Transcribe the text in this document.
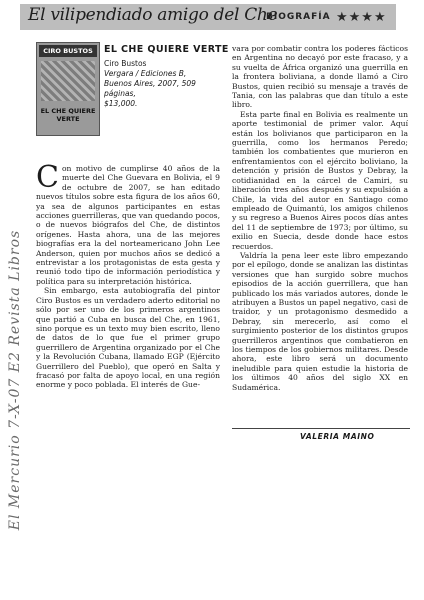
El vilipendiado amigo del Che
BIOGRAFÍA ★★★★
CIRO BUSTOS
EL CHE QUIERE VERTE
EL CHE QUIERE VERTE
Ciro Bustos
Vergara / Ediciones B,
Buenos Aires, 2007, 509 páginas,
$13,000.

Con motivo de cumplirse 40 años de la muerte del Che Guevara en Bolivia, el 9 de octubre de 2007, se han editado nuevos títulos sobre esta figura de los años 60, ya sea de algunos participantes en estas acciones guerrilleras, que van quedando pocos, o de nuevos biógrafos del Che, de distintos orígenes. Hasta ahora, una de las mejores biografías era la del norteamericano John Lee Anderson, quien por muchos años se dedicó a entrevistar a los protagonistas de esta gesta y reunió todo tipo de información periodística y política para su interpretación histórica.

Sin embargo, esta autobiografía del pintor Ciro Bustos es un verdadero aderto editorial no sólo por ser uno de los primeros argentinos que partió a Cuba en busca del Che, en 1961, sino porque es un texto muy bien escrito, lleno de datos de lo que fue el primer grupo guerrillero de Argentina organizado por el Che y la Revolución Cubana, llamado EGP (Ejército Guerrillero del Pueblo), que operó en Salta y fracasó por falta de apoyo local, en una región enorme y poco poblada. El interés de Gue-

vara por combatir contra los poderes fácticos en Argentina no decayó por este fracaso, y a su vuelta de África organizó una guerrilla en la frontera boliviana, a donde llamó a Ciro Bustos, quien recibió su mensaje a través de Tania, con las palabras que dan título a este libro.

Esta parte final en Bolivia es realmente un aporte testimonial de primer valor. Aquí están los bolivianos que participaron en la guerrilla, como los hermanos Peredo; también los combatientes que murieron en enfrentamientos con el ejército boliviano, la detención y prisión de Bustos y Debray, la cotidianidad en la cárcel de Camiri, su liberación tres años después y su expulsión a Chile, la vida del autor en Santiago como empleado de Quimantú, los amigos chilenos y su regreso a Buenos Aires pocos días antes del 11 de septiembre de 1973; por último, su exilio en Suecia, desde donde hace estos recuerdos.

Valdría la pena leer este libro empezando por el epílogo, donde se analizan las distintas versiones que han surgido sobre muchos episodios de la acción guerrillera, que han publicado los más variados autores, donde le atribuyen a Bustos un papel negativo, casi de traidor, y un protagonismo desmedido a Debray, sin merecerlo, así como el surgimiento posterior de los distintos grupos guerrilleros argentinos que combatieron en los tiempos de los gobiernos militares. Desde ahora, este libro será un documento ineludible para quien estudie la historia de los últimos 40 años del siglo XX en Sudamérica.

VALERIA MAINO
El Mercurio 7-X-07 E2 Revista Libros
